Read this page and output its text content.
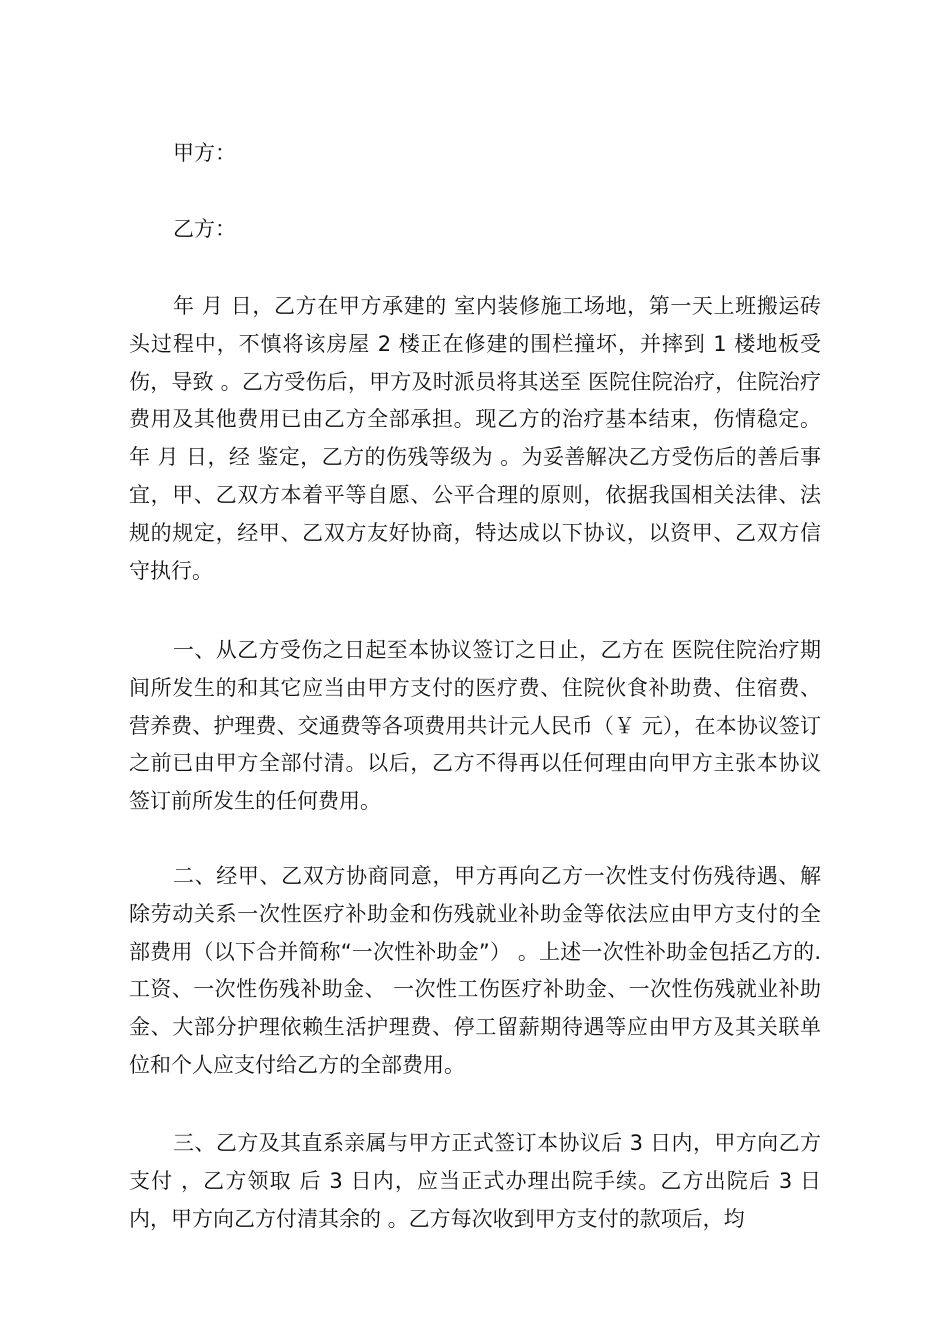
甲方：

乙方：

年 月 日，乙方在甲方承建的 室内装修施工场地，第一天上班搬运砖头过程中，不慎将该房屋 2 楼正在修建的围栏撞坏，并摔到 1 楼地板受伤，导致 。乙方受伤后，甲方及时派员将其送至 医院住院治疗，住院治疗费用及其他费用已由乙方全部承担。现乙方的治疗基本结束，伤情稳定。 年 月 日，经 鉴定，乙方的伤残等级为 。为妥善解决乙方受伤后的善后事宜，甲、乙双方本着平等自愿、公平合理的原则，依据我国相关法律、法规的规定，经甲、乙双方友好协商，特达成以下协议，以资甲、乙双方信守执行。

一、从乙方受伤之日起至本协议签订之日止，乙方在 医院住院治疗期间所发生的和其它应当由甲方支付的医疗费、住院伙食补助费、住宿费、营养费、护理费、交通费等各项费用共计元人民币（￥ 元），在本协议签订之前已由甲方全部付清。以后，乙方不得再以任何理由向甲方主张本协议签订前所发生的任何费用。

二、经甲、乙双方协商同意，甲方再向乙方一次性支付伤残待遇、解除劳动关系一次性医疗补助金和伤残就业补助金等依法应由甲方支付的全部费用（以下合并简称“一次性补助金”） 。上述一次性补助金包括乙方的. 工资、一次性伤残补助金、 一次性工伤医疗补助金、一次性伤残就业补助金、大部分护理依赖生活护理费、停工留薪期待遇等应由甲方及其关联单位和个人应支付给乙方的全部费用。

三、乙方及其直系亲属与甲方正式签订本协议后 3 日内，甲方向乙方支付 ，乙方领取 后 3 日内，应当正式办理出院手续。乙方出院后 3 日内，甲方向乙方付清其余的 。乙方每次收到甲方支付的款项后，均
